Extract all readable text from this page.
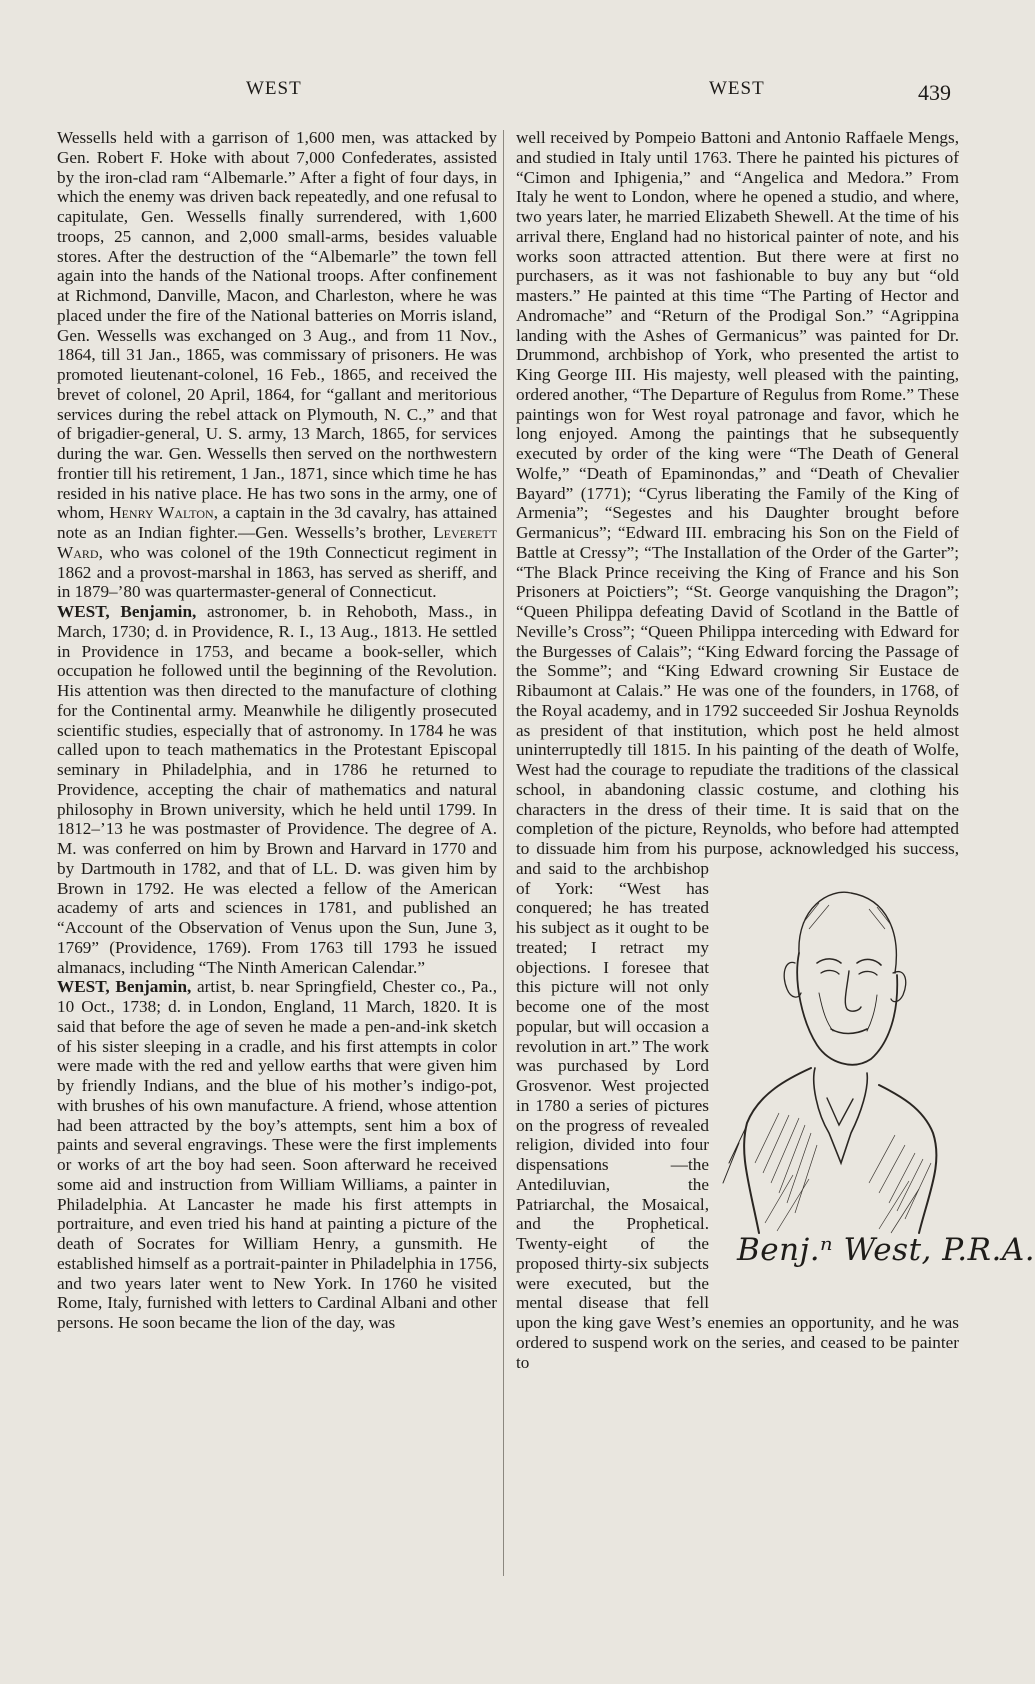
WEST	WEST	439

Wessells held with a garrison of 1,600 men, was attacked by Gen. Robert F. Hoke with about 7,000 Confederates, assisted by the iron-clad ram “Albemarle.” After a fight of four days, in which the enemy was driven back repeatedly, and one refusal to capitulate, Gen. Wessells finally surrendered, with 1,600 troops, 25 cannon, and 2,000 small-arms, besides valuable stores. After the destruction of the “Albemarle” the town fell again into the hands of the National troops. After confinement at Richmond, Danville, Macon, and Charleston, where he was placed under the fire of the National batteries on Morris island, Gen. Wessells was exchanged on 3 Aug., and from 11 Nov., 1864, till 31 Jan., 1865, was commissary of prisoners. He was promoted lieutenant-colonel, 16 Feb., 1865, and received the brevet of colonel, 20 April, 1864, for “gallant and meritorious services during the rebel attack on Plymouth, N. C.,” and that of brigadier-general, U. S. army, 13 March, 1865, for services during the war. Gen. Wessells then served on the northwestern frontier till his retirement, 1 Jan., 1871, since which time he has resided in his native place. He has two sons in the army, one of whom, Henry Walton, a captain in the 3d cavalry, has attained note as an Indian fighter.—Gen. Wessells’s brother, Leverett Ward, who was colonel of the 19th Connecticut regiment in 1862 and a provost-marshal in 1863, has served as sheriff, and in 1879–’80 was quartermaster-general of Connecticut.

WEST, Benjamin, astronomer, b. in Rehoboth, Mass., in March, 1730; d. in Providence, R. I., 13 Aug., 1813. He settled in Providence in 1753, and became a book-seller, which occupation he followed until the beginning of the Revolution. His attention was then directed to the manufacture of clothing for the Continental army. Meanwhile he diligently prosecuted scientific studies, especially that of astronomy. In 1784 he was called upon to teach mathematics in the Protestant Episcopal seminary in Philadelphia, and in 1786 he returned to Providence, accepting the chair of mathematics and natural philosophy in Brown university, which he held until 1799. In 1812–’13 he was postmaster of Providence. The degree of A. M. was conferred on him by Brown and Harvard in 1770 and by Dartmouth in 1782, and that of LL. D. was given him by Brown in 1792. He was elected a fellow of the American academy of arts and sciences in 1781, and published an “Account of the Observation of Venus upon the Sun, June 3, 1769” (Providence, 1769). From 1763 till 1793 he issued almanacs, including “The Ninth American Calendar.”

WEST, Benjamin, artist, b. near Springfield, Chester co., Pa., 10 Oct., 1738; d. in London, England, 11 March, 1820. It is said that before the age of seven he made a pen-and-ink sketch of his sister sleeping in a cradle, and his first attempts in color were made with the red and yellow earths that were given him by friendly Indians, and the blue of his mother’s indigo-pot, with brushes of his own manufacture. A friend, whose attention had been attracted by the boy’s attempts, sent him a box of paints and several engravings. These were the first implements or works of art the boy had seen. Soon afterward he received some aid and instruction from William Williams, a painter in Philadelphia. At Lancaster he made his first attempts in portraiture, and even tried his hand at painting a picture of the death of Socrates for William Henry, a gunsmith. He established himself as a portrait-painter in Philadelphia in 1756, and two years later went to New York. In 1760 he visited Rome, Italy, furnished with letters to Cardinal Albani and other persons. He soon became the lion of the day, was

well received by Pompeio Battoni and Antonio Raffaele Mengs, and studied in Italy until 1763. There he painted his pictures of “Cimon and Iphigenia,” and “Angelica and Medora.” From Italy he went to London, where he opened a studio, and where, two years later, he married Elizabeth Shewell. At the time of his arrival there, England had no historical painter of note, and his works soon attracted attention. But there were at first no purchasers, as it was not fashionable to buy any but “old masters.” He painted at this time “The Parting of Hector and Andromache” and “Return of the Prodigal Son.” “Agrippina landing with the Ashes of Germanicus” was painted for Dr. Drummond, archbishop of York, who presented the artist to King George III. His majesty, well pleased with the painting, ordered another, “The Departure of Regulus from Rome.” These paintings won for West royal patronage and favor, which he long enjoyed. Among the paintings that he subsequently executed by order of the king were “The Death of General Wolfe,” “Death of Epaminondas,” and “Death of Chevalier Bayard” (1771); “Cyrus liberating the Family of the King of Armenia”; “Segestes and his Daughter brought before Germanicus”; “Edward III. embracing his Son on the Field of Battle at Cressy”; “The Installation of the Order of the Garter”; “The Black Prince receiving the King of France and his Son Prisoners at Poictiers”; “St. George vanquishing the Dragon”; “Queen Philippa defeating David of Scotland in the Battle of Neville’s Cross”; “Queen Philippa interceding with Edward for the Burgesses of Calais”; “King Edward forcing the Passage of the Somme”; and “King Edward crowning Sir Eustace de Ribaumont at Calais.” He was one of the founders, in 1768, of the Royal academy, and in 1792 succeeded Sir Joshua Reynolds as president of that institution, which post he held almost uninterruptedly till 1815. In his painting of the death of Wolfe, West had the courage to repudiate the traditions of the classical school, in abandoning classic costume, and clothing his characters in the dress of their time. It is said that on the completion of the picture, Reynolds, who before had attempted to dissuade him from his purpose, acknowledged his
Benj.ⁿ West, P.R.A.
success, and said to the archbishop of York: “West has conquered; he has treated his subject as it ought to be treated; I retract my objections. I foresee that this picture will not only become one of the most popular, but will occasion a revolution in art.” The work was purchased by Lord Grosvenor. West projected in 1780 a series of pictures on the progress of revealed religion, divided into four dispensations —the Antediluvian, the Patriarchal, the Mosaical, and the Prophetical. Twenty-eight of the proposed thirty-six subjects were executed, but the mental disease that fell upon the king gave West’s enemies an opportunity, and he was ordered to suspend work on the series, and ceased to be painter to
